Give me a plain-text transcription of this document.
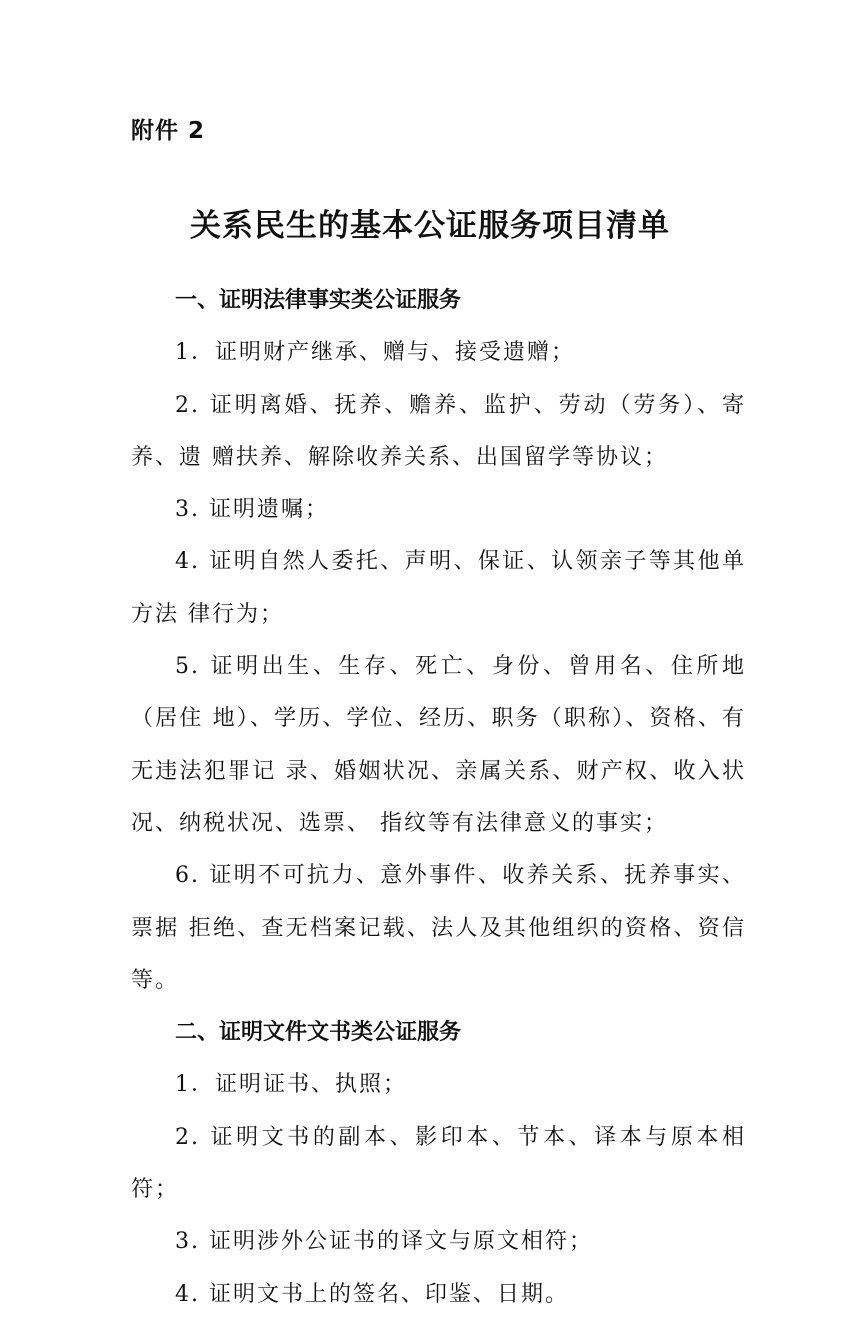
附件 2
关系民生的基本公证服务项目清单

一、证明法律事实类公证服务

1．证明财产继承、赠与、接受遗赠；

2. 证明离婚、抚养、赡养、监护、劳动（劳务）、寄养、遗 赠扶养、解除收养关系、出国留学等协议；

3. 证明遗嘱；

4. 证明自然人委托、声明、保证、认领亲子等其他单方法 律行为；

5. 证明出生、生存、死亡、身份、曾用名、住所地（居住 地）、学历、学位、经历、职务（职称）、资格、有无违法犯罪记 录、婚姻状况、亲属关系、财产权、收入状况、纳税状况、选票、 指纹等有法律意义的事实；

6. 证明不可抗力、意外事件、收养关系、抚养事实、票据 拒绝、查无档案记载、法人及其他组织的资格、资信等。

二、证明文件文书类公证服务

1．证明证书、执照；

2. 证明文书的副本、影印本、节本、译本与原本相符；

3. 证明涉外公证书的译文与原文相符；

4. 证明文书上的签名、印鉴、日期。
